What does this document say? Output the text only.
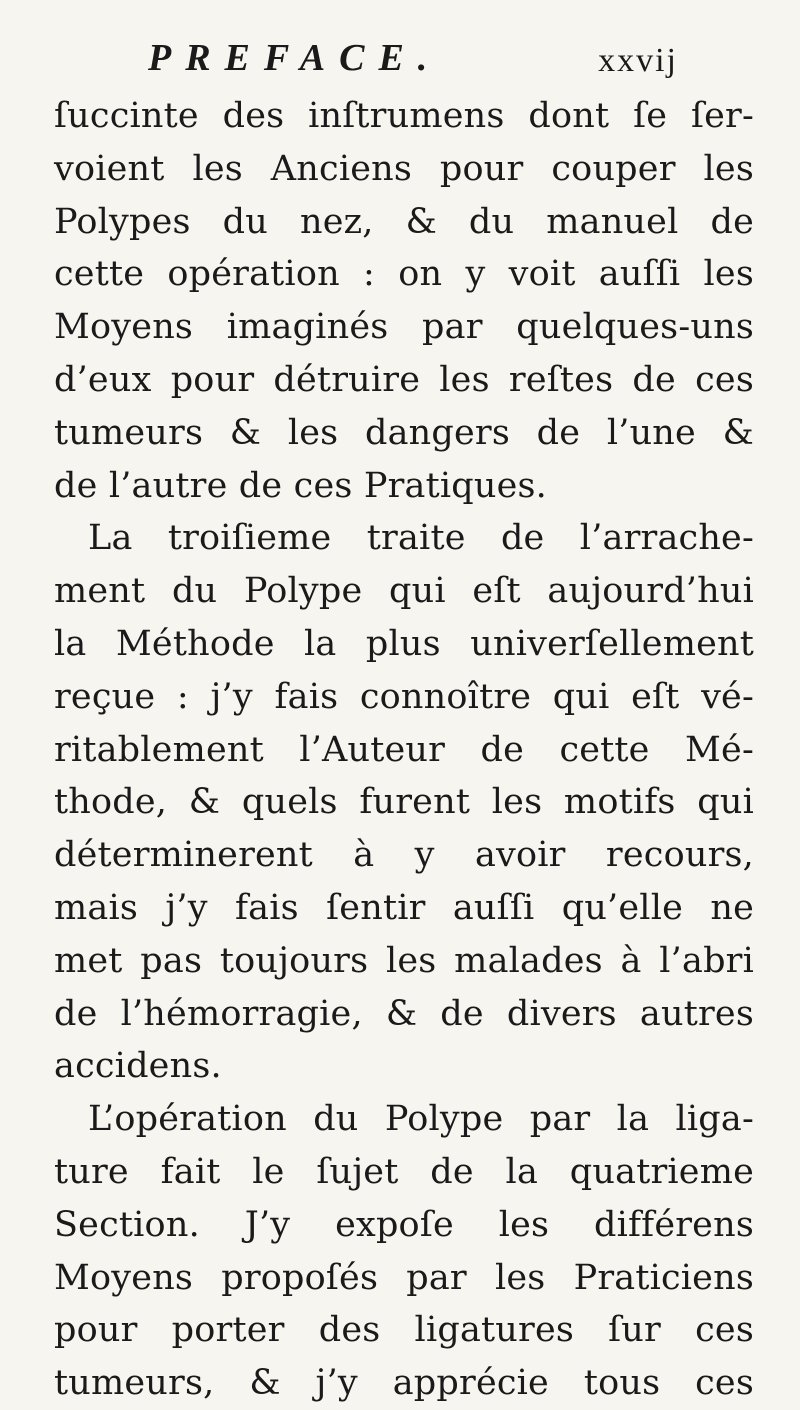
PREFACE.	xxvij
ſuccinte des inſtrumens dont ſe ſer-
voient les Anciens pour couper les
Polypes du nez, & du manuel de
cette opération : on y voit auſſi les
Moyens imaginés par quelques-uns
d’eux pour détruire les reſtes de ces
tumeurs & les dangers de l’une &
de l’autre de ces Pratiques.
La troiſieme traite de l’arrache-
ment du Polype qui eſt aujourd’hui
la Méthode la plus univerſellement
reçue : j’y fais connoître qui eſt vé-
ritablement l’Auteur de cette Mé-
thode, & quels furent les motifs qui
déterminerent à y avoir recours,
mais j’y fais ſentir auſſi qu’elle ne
met pas toujours les malades à l’abri
de l’hémorragie, & de divers autres
accidens.
L’opération du Polype par la liga-
ture fait le ſujet de la quatrieme
Section. J’y expoſe les différens
Moyens propoſés par les Praticiens
pour porter des ligatures ſur ces
tumeurs, & j’y apprécie tous ces
